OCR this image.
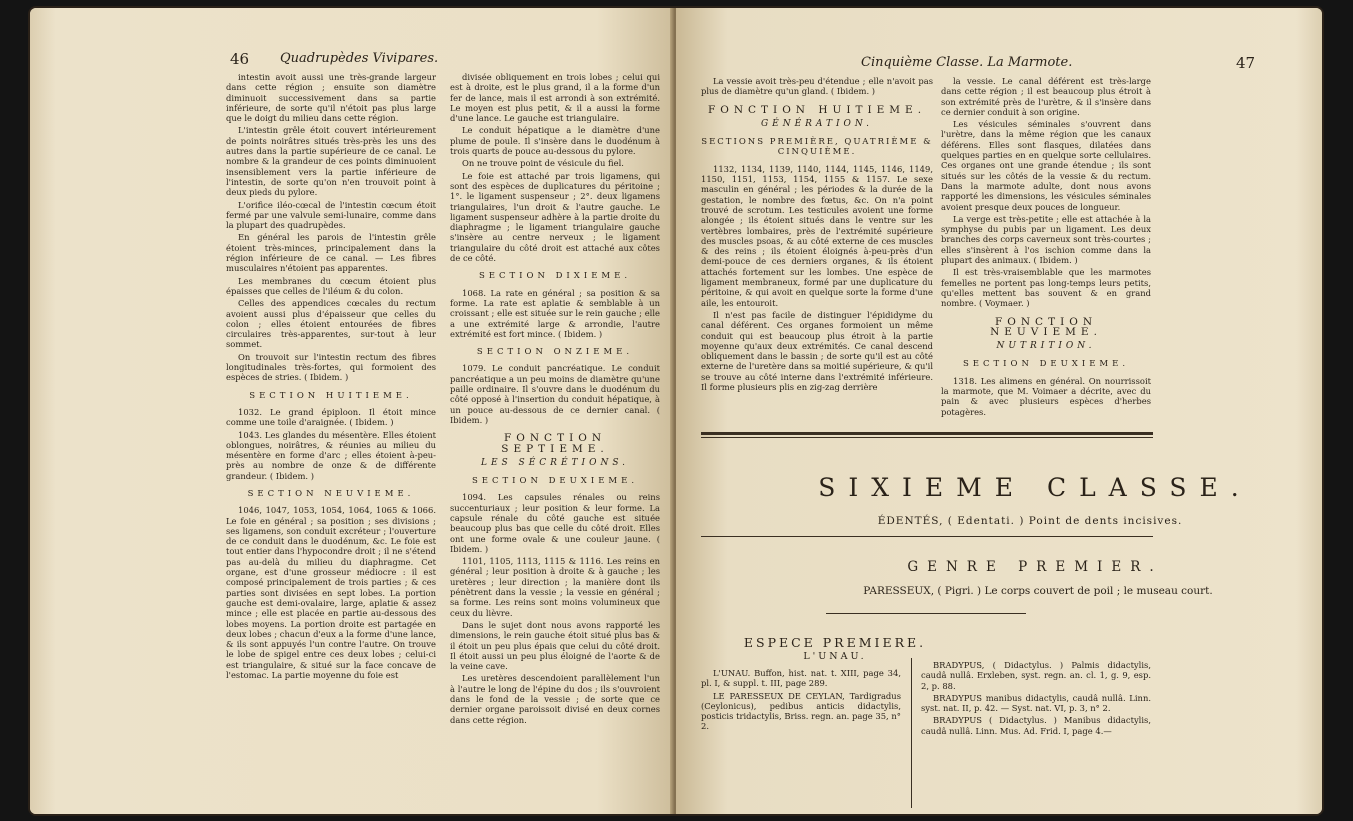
46 Quadrupèdes Vivipares.

intestin avoit aussi une très-grande largeur dans cette région ; ensuite son diamètre diminuoit successivement dans sa partie inférieure, de sorte qu'il n'étoit pas plus large que le doigt du milieu dans cette région.

L'intestin grêle étoit couvert intérieurement de points noirâtres situés très-près les uns des autres dans la partie supérieure de ce canal. Le nombre & la grandeur de ces points diminuoient insensiblement vers la partie inférieure de l'intestin, de sorte qu'on n'en trouvoit point à deux pieds du pylore.

L'orifice iléo-cœcal de l'intestin cœcum étoit fermé par une valvule semi-lunaire, comme dans la plupart des quadrupèdes.

En général les parois de l'intestin grêle étoient très-minces, principalement dans la région inférieure de ce canal. — Les fibres musculaires n'étoient pas apparentes.

Les membranes du cœcum étoient plus épaisses que celles de l'iléum & du colon.

Celles des appendices cœcales du rectum avoient aussi plus d'épaisseur que celles du colon ; elles étoient entourées de fibres circulaires très-apparentes, sur-tout à leur sommet.

On trouvoit sur l'intestin rectum des fibres longitudinales très-fortes, qui formoient des espèces de stries. ( Ibidem. )

SECTION HUITIEME.

1032. Le grand épiploon. Il étoit mince comme une toile d'araignée. ( Ibidem. )

1043. Les glandes du mésentère. Elles étoient oblongues, noirâtres, & réunies au milieu du mésentère en forme d'arc ; elles étoient à-peu-près au nombre de onze & de différente grandeur. ( Ibidem. )

SECTION NEUVIEME.

1046, 1047, 1053, 1054, 1064, 1065 & 1066. Le foie en général ; sa position ; ses divisions ; ses ligamens, son conduit excréteur ; l'ouverture de ce conduit dans le duodénum, &c. Le foie est tout entier dans l'hypocondre droit ; il ne s'étend pas au-delà du milieu du diaphragme. Cet organe, est d'une grosseur médiocre : il est composé principalement de trois parties ; & ces parties sont divisées en sept lobes. La portion gauche est demi-ovalaire, large, aplatie & assez mince ; elle est placée en partie au-dessous des lobes moyens. La portion droite est partagée en deux lobes ; chacun d'eux a la forme d'une lance, & ils sont appuyés l'un contre l'autre. On trouve le lobe de spigel entre ces deux lobes ; celui-ci est triangulaire, & situé sur la face concave de l'estomac. La partie moyenne du foie est

divisée obliquement en trois lobes ; celui qui est à droite, est le plus grand, il a la forme d'un fer de lance, mais il est arrondi à son extrémité. Le moyen est plus petit, & il a aussi la forme d'une lance. Le gauche est triangulaire.

Le conduit hépatique a le diamètre d'une plume de poule. Il s'insère dans le duodénum à trois quarts de pouce au-dessous du pylore.

On ne trouve point de vésicule du fiel.

Le foie est attaché par trois ligamens, qui sont des espèces de duplicatures du péritoine ; 1°. le ligament suspenseur ; 2°. deux ligamens triangulaires, l'un droit & l'autre gauche. Le ligament suspenseur adhère à la partie droite du diaphragme ; le ligament triangulaire gauche s'insère au centre nerveux ; le ligament triangulaire du côté droit est attaché aux côtes de ce côté.

SECTION DIXIEME.

1068. La rate en général ; sa position & sa forme. La rate est aplatie & semblable à un croissant ; elle est située sur le rein gauche ; elle a une extrémité large & arrondie, l'autre extrémité est fort mince. ( Ibidem. )

SECTION ONZIEME.

1079. Le conduit pancréatique. Le conduit pancréatique a un peu moins de diamètre qu'une paille ordinaire. Il s'ouvre dans le duodénum du côté opposé à l'insertion du conduit hépatique, à un pouce au-dessous de ce dernier canal. ( Ibidem. )

FONCTION SEPTIEME.
LES SÉCRÉTIONS.
SECTION DEUXIEME.

1094. Les capsules rénales ou reins succenturiaux ; leur position & leur forme. La capsule rénale du côté gauche est située beaucoup plus bas que celle du côté droit. Elles ont une forme ovale & une couleur jaune. ( Ibidem. )

1101, 1105, 1113, 1115 & 1116. Les reins en général ; leur position à droite & à gauche ; les uretères ; leur direction ; la manière dont ils pénètrent dans la vessie ; la vessie en général ; sa forme. Les reins sont moins volumineux que ceux du lièvre.

Dans le sujet dont nous avons rapporté les dimensions, le rein gauche étoit situé plus bas & il étoit un peu plus épais que celui du côté droit. Il étoit aussi un peu plus éloigné de l'aorte & de la veine cave.

Les uretères descendoient parallèlement l'un à l'autre le long de l'épine du dos ; ils s'ouvroient dans le fond de la vessie ; de sorte que ce dernier organe paroissoit divisé en deux cornes dans cette région.

Cinquième Classe. La Marmote.	47

La vessie avoit très-peu d'étendue ; elle n'avoit pas plus de diamètre qu'un gland. ( Ibidem. )

FONCTION HUITIEME.
GÉNÉRATION.
SECTIONS PREMIÈRE, QUATRIÈME & CINQUIÈME.

1132, 1134, 1139, 1140, 1144, 1145, 1146, 1149, 1150, 1151, 1153, 1154, 1155 & 1157. Le sexe masculin en général ; les périodes & la durée de la gestation, le nombre des fœtus, &c. On n'a point trouvé de scrotum. Les testicules avoient une forme alongée ; ils étoient situés dans le ventre sur les vertèbres lombaires, près de l'extrémité supérieure des muscles psoas, & au côté externe de ces muscles & des reins ; ils étoient éloignés à-peu-près d'un demi-pouce de ces derniers organes, & ils étoient attachés fortement sur les lombes. Une espèce de ligament membraneux, formé par une duplicature du péritoine, & qui avoit en quelque sorte la forme d'une aile, les entouroit.

Il n'est pas facile de distinguer l'épididyme du canal déférent. Ces organes formoient un même conduit qui est beaucoup plus étroit à la partie moyenne qu'aux deux extrémités. Ce canal descend obliquement dans le bassin ; de sorte qu'il est au côté externe de l'uretère dans sa moitié supérieure, & qu'il se trouve au côté interne dans l'extrémité inférieure. Il forme plusieurs plis en zig-zag derrière

la vessie. Le canal déférent est très-large dans cette région ; il est beaucoup plus étroit à son extrémité près de l'urètre, & il s'insère dans ce dernier conduit à son origine.

Les vésicules séminales s'ouvrent dans l'urètre, dans la même région que les canaux déférens. Elles sont flasques, dilatées dans quelques parties en en quelque sorte cellulaires. Ces organes ont une grande étendue ; ils sont situés sur les côtés de la vessie & du rectum. Dans la marmote adulte, dont nous avons rapporté les dimensions, les vésicules séminales avoient presque deux pouces de longueur.

La verge est très-petite ; elle est attachée à la symphyse du pubis par un ligament. Les deux branches des corps caverneux sont très-courtes ; elles s'insèrent à l'os ischion comme dans la plupart des animaux. ( Ibidem. )

Il est très-vraisemblable que les marmotes femelles ne portent pas long-temps leurs petits, qu'elles mettent bas souvent & en grand nombre. ( Voymaer. )

FONCTION NEUVIEME.
NUTRITION.
SECTION DEUXIEME.

1318. Les alimens en général. On nourrissoit la marmote, que M. Voimaer a décrite, avec du pain & avec plusieurs espèces d'herbes potagères.

L'UNAU. Buffon, hist. nat. t. XIII, page 34, pl. I, & suppl. t. III, page 289.

LE PARESSEUX DE CEYLAN, Tardigradus (Ceylonicus), pedibus anticis didactylis, posticis tridactylis, Briss. regn. an. page 35, n° 2.

BRADYPUS, ( Didactylus. ) Palmis didactylis, caudâ nullâ. Erxleben, syst. regn. an. cl. 1, g. 9, esp. 2, p. 88.

BRADYPUS manibus didactylis, caudâ nullâ. Linn. syst. nat. II, p. 42. — Syst. nat. VI, p. 3, n° 2.

BRADYPUS ( Didactylus. ) Manibus didactylis, caudâ nullâ. Linn. Mus. Ad. Frid. I, page 4.—

SIXIEME CLASSE.
ÉDENTÉS, ( Edentati. ) Point de dents incisives.
GENRE PREMIER.
PARESSEUX, ( Pigri. ) Le corps couvert de poil ; le museau court.
ESPECE PREMIERE.
L'UNAU.
